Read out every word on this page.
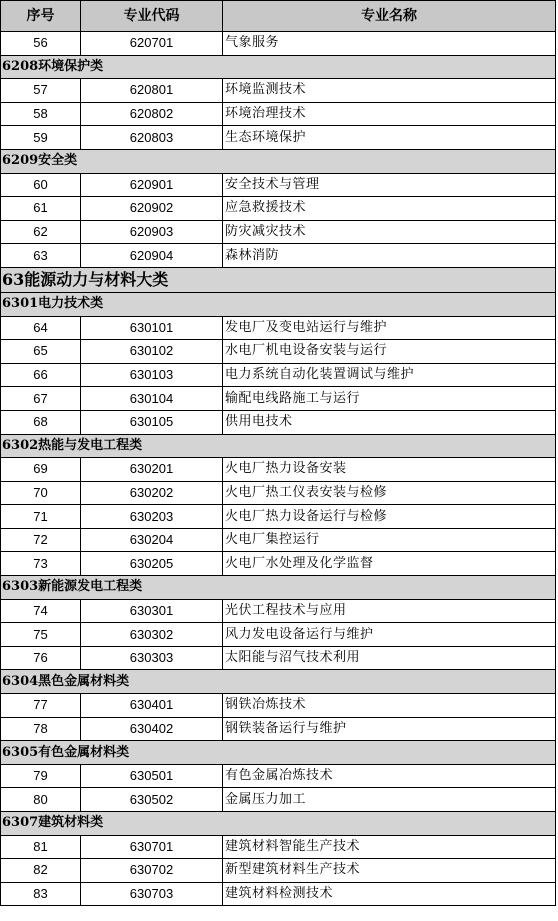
序号	专业代码	专业名称
56	620701	气象服务
6208环境保护类		
57	620801	环境监测技术
58	620802	环境治理技术
59	620803	生态环境保护
6209安全类		
60	620901	安全技术与管理
61	620902	应急救援技术
62	620903	防灾减灾技术
63	620904	森林消防
63能源动力与材料大类		
6301电力技术类		
64	630101	发电厂及变电站运行与维护
65	630102	水电厂机电设备安装与运行
66	630103	电力系统自动化装置调试与维护
67	630104	输配电线路施工与运行
68	630105	供用电技术
6302热能与发电工程类		
69	630201	火电厂热力设备安装
70	630202	火电厂热工仪表安装与检修
71	630203	火电厂热力设备运行与检修
72	630204	火电厂集控运行
73	630205	火电厂水处理及化学监督
6303新能源发电工程类		
74	630301	光伏工程技术与应用
75	630302	风力发电设备运行与维护
76	630303	太阳能与沼气技术利用
6304黑色金属材料类		
77	630401	钢铁冶炼技术
78	630402	钢铁装备运行与维护
6305有色金属材料类		
79	630501	有色金属冶炼技术
80	630502	金属压力加工
6307建筑材料类		
81	630701	建筑材料智能生产技术
82	630702	新型建筑材料生产技术
83	630703	建筑材料检测技术
